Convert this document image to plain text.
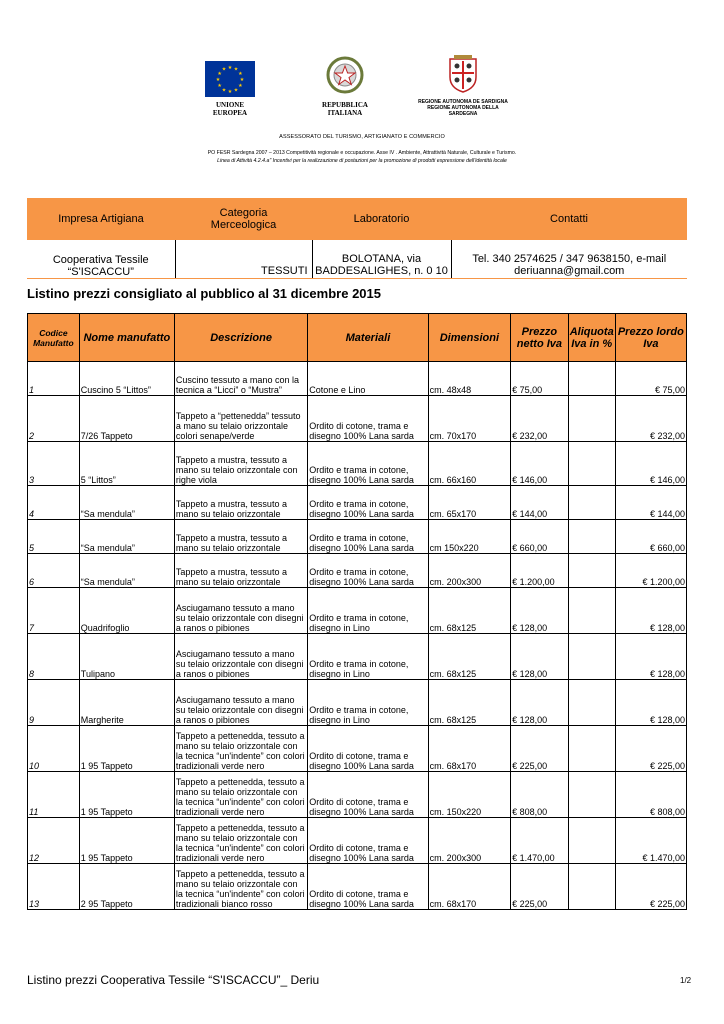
★ ★
★
★
★
★
★
★
★
★
★
★
UNIONE EUROPEA
REPUBBLICA ITALIANA
REGIONE AUTONOMA DE SARDIGNA
REGIONE AUTONOMA DELLA SARDEGNA
ASSESSORATO DEL TURISMO, ARTIGIANATO E COMMERCIO
PO FESR Sardegna 2007 – 2013 Competitività regionale e occupazione. Asse IV . Ambiente, Attrattività Naturale, Culturale e Turismo.
Linea di Attività 4.2.4.a" Incentivi per la realizzazione di postazioni per la promozione di prodotti espressione dell'identità locale
Impresa Artigiana	Categoria Merceologica	Laboratorio	Contatti
Cooperativa Tessile “S'ISCACCU”	TESSUTI	BOLOTANA, via BADDESALIGHES, n. 0 10	Tel. 340 2574625 / 347 9638150, e-mail deriuanna@gmail.com
Listino prezzi consigliato al pubblico al 31 dicembre 2015
Codice Manufatto	Nome manufatto	Descrizione	Materiali	Dimensioni	Prezzo netto Iva	Aliquota Iva in %	Prezzo lordo Iva
1	Cuscino 5 “Littos”	Cuscino tessuto a mano con la tecnica a “Licci” o “Mustra”	Cotone e Lino	cm. 48x48	€ 75,00		€ 75,00
2	7/26 Tappeto	Tappeto a “pettenedda” tessuto a mano su telaio orizzontale colori senape/verde	Ordito di cotone, trama e disegno 100% Lana sarda	cm. 70x170	€ 232,00		€ 232,00
3	5 “Littos”	Tappeto a mustra, tessuto a mano su telaio orizzontale con righe viola	Ordito e trama in cotone, disegno 100% Lana sarda	cm. 66x160	€ 146,00		€ 146,00
4	“Sa mendula”	Tappeto a mustra, tessuto a mano su telaio orizzontale	Ordito e trama in cotone, disegno 100% Lana sarda	cm. 65x170	€ 144,00		€ 144,00
5	“Sa mendula”	Tappeto a mustra, tessuto a mano su telaio orizzontale	Ordito e trama in cotone, disegno 100% Lana sarda	cm 150x220	€ 660,00		€ 660,00
6	“Sa mendula”	Tappeto a mustra, tessuto a mano su telaio orizzontale	Ordito e trama in cotone, disegno 100% Lana sarda	cm. 200x300	€ 1.200,00		€ 1.200,00
7	Quadrifoglio	Asciugamano tessuto a mano su telaio orizzontale con disegni a ranos o pibiones	Ordito e trama in cotone, disegno in Lino	cm. 68x125	€ 128,00		€ 128,00
8	Tulipano	Asciugamano tessuto a mano su telaio orizzontale con disegni a ranos o pibiones	Ordito e trama in cotone, disegno in Lino	cm. 68x125	€ 128,00		€ 128,00
9	Margherite	Asciugamano tessuto a mano su telaio orizzontale con disegni a ranos o pibiones	Ordito e trama in cotone, disegno in Lino	cm. 68x125	€ 128,00		€ 128,00
10	1 95 Tappeto	Tappeto a pettenedda, tessuto a mano su telaio orizzontale con la tecnica “un'indente” con colori tradizionali verde nero	Ordito di cotone, trama e disegno 100% Lana sarda	cm. 68x170	€ 225,00		€ 225,00
11	1 95 Tappeto	Tappeto a pettenedda, tessuto a mano su telaio orizzontale con la tecnica “un'indente” con colori tradizionali verde nero	Ordito di cotone, trama e disegno 100% Lana sarda	cm. 150x220	€ 808,00		€ 808,00
12	1 95 Tappeto	Tappeto a pettenedda, tessuto a mano su telaio orizzontale con la tecnica “un'indente” con colori tradizionali verde nero	Ordito di cotone, trama e disegno 100% Lana sarda	cm. 200x300	€ 1.470,00		€ 1.470,00
13	2 95 Tappeto	Tappeto a pettenedda, tessuto a mano su telaio orizzontale con la tecnica “un'indente” con colori tradizionali bianco rosso	Ordito di cotone, trama e disegno 100% Lana sarda	cm. 68x170	€ 225,00		€ 225,00
Listino prezzi Cooperativa Tessile “S'ISCACCU”_ Deriu	1/2
